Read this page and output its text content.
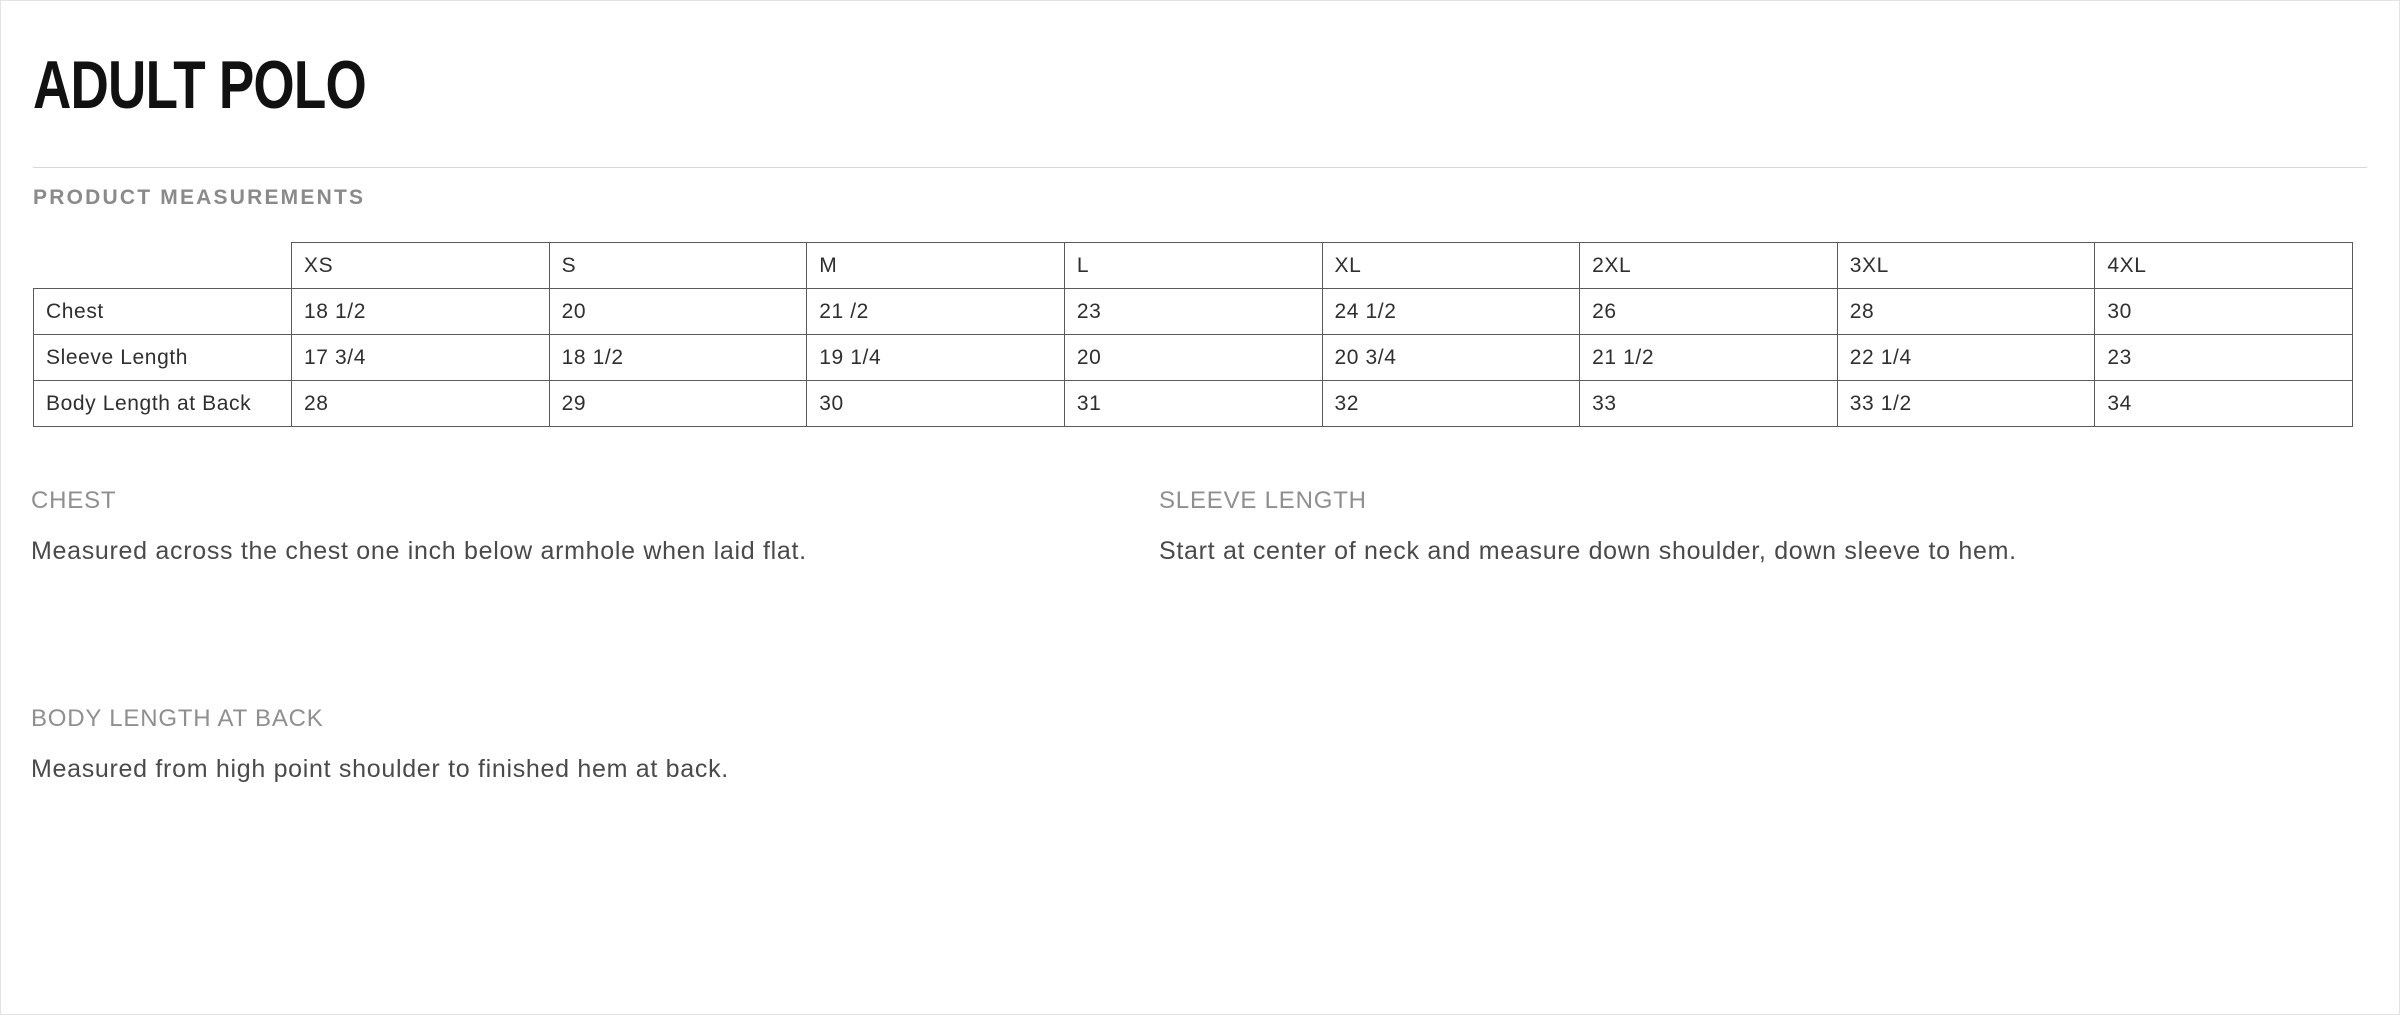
ADULT POLO
PRODUCT MEASUREMENTS
	XS	S	M	L	XL	2XL	3XL	4XL
Chest	18 1/2	20	21 /2	23	24 1/2	26	28	30
Sleeve Length	17 3/4	18 1/2	19 1/4	20	20 3/4	21 1/2	22 1/4	23
Body Length at Back	28	29	30	31	32	33	33 1/2	34
CHEST
Measured across the chest one inch below armhole when laid flat.
SLEEVE LENGTH
Start at center of neck and measure down shoulder, down sleeve to hem.
BODY LENGTH AT BACK
Measured from high point shoulder to finished hem at back.
